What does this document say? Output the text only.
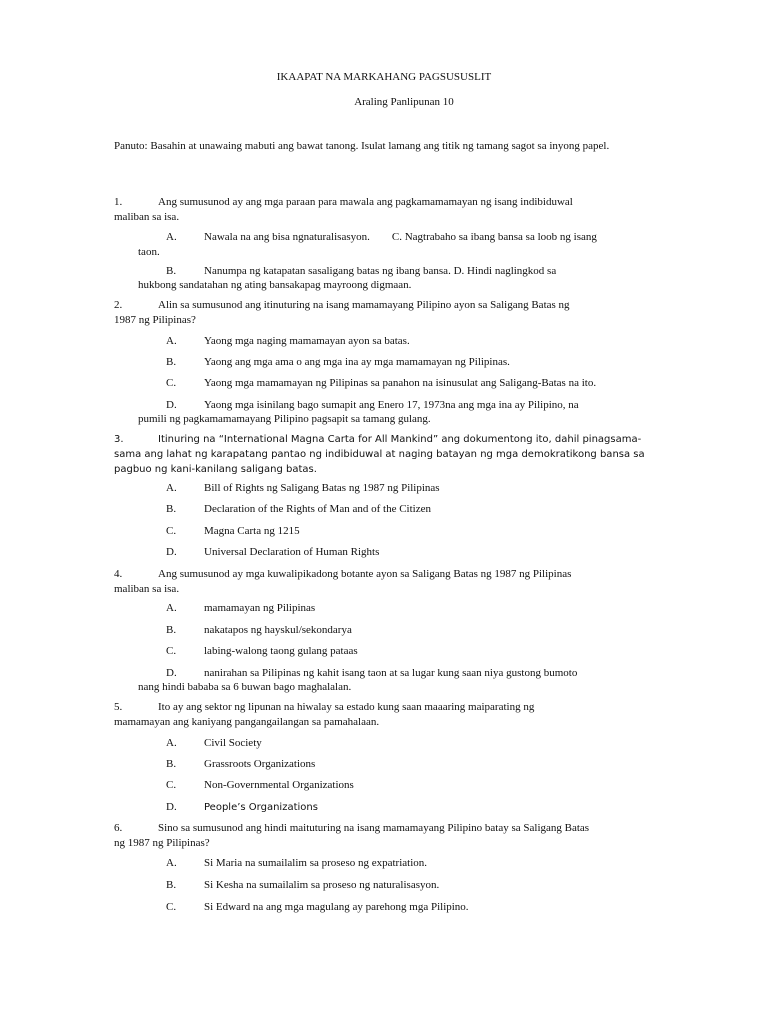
IKAAPAT NA MARKAHANG PAGSUSUSLIT
Araling Panlipunan 10
Panuto: Basahin at unawaing mabuti ang bawat tanong. Isulat lamang ang titik ng tamang sagot sa inyong papel.
1.	Ang sumusunod ay ang mga paraan para mawala ang pagkamamamayan ng isang indibiduwal
maliban sa isa.
A. Nawala na ang bisa ngnaturalisasyon. C. Nagtrabaho sa ibang bansa sa loob ng isang
taon.
B.	Nanumpa ng katapatan sasaligang batas ng ibang bansa. D. Hindi naglingkod sa
hukbong sandatahan ng ating bansakapag mayroong digmaan.
2.	Alin sa sumusunod ang itinuturing na isang mamamayang Pilipino ayon sa Saligang Batas ng
1987 ng Pilipinas?
A. Yaong mga naging mamamayan ayon sa batas.
B.	Yaong ang mga ama o ang mga ina ay mga mamamayan ng Pilipinas.
C.	Yaong mga mamamayan ng Pilipinas sa panahon na isinusulat ang Saligang-Batas na ito.
D. Yaong mga isinilang bago sumapit ang Enero 17, 1973na ang mga ina ay Pilipino, na
pumili ng pagkamamamayang Pilipino pagsapit sa tamang gulang.
3.	Itinuring na “International Magna Carta for All Mankind” ang dokumentong ito, dahil pinagsama-
sama ang lahat ng karapatang pantao ng indibiduwal at naging batayan ng mga demokratikong bansa sa
pagbuo ng kani-kanilang saligang batas.
A. Bill of Rights ng Saligang Batas ng 1987 ng Pilipinas
B.	Declaration of the Rights of Man and of the Citizen
C.	Magna Carta ng 1215
D. Universal Declaration of Human Rights
4.	Ang sumusunod ay mga kuwalipikadong botante ayon sa Saligang Batas ng 1987 ng Pilipinas
maliban sa isa.
A. mamamayan ng Pilipinas
B.	nakatapos ng hayskul/sekondarya
C.	labing-walong taong gulang pataas
D. nanirahan sa Pilipinas ng kahit isang taon at sa lugar kung saan niya gustong bumoto
nang hindi bababa sa 6 buwan bago maghalalan.
5.	Ito ay ang sektor ng lipunan na hiwalay sa estado kung saan maaaring maiparating ng
mamamayan ang kaniyang pangangailangan sa pamahalaan.
A. Civil Society
B.	Grassroots Organizations
C.	Non-Governmental Organizations
D.	People’s Organizations
6.	Sino sa sumusunod ang hindi maituturing na isang mamamayang Pilipino batay sa Saligang Batas
ng 1987 ng Pilipinas?
A. Si Maria na sumailalim sa proseso ng expatriation.
B.	Si Kesha na sumailalim sa proseso ng naturalisasyon.
C.	Si Edward na ang mga magulang ay parehong mga Pilipino.
